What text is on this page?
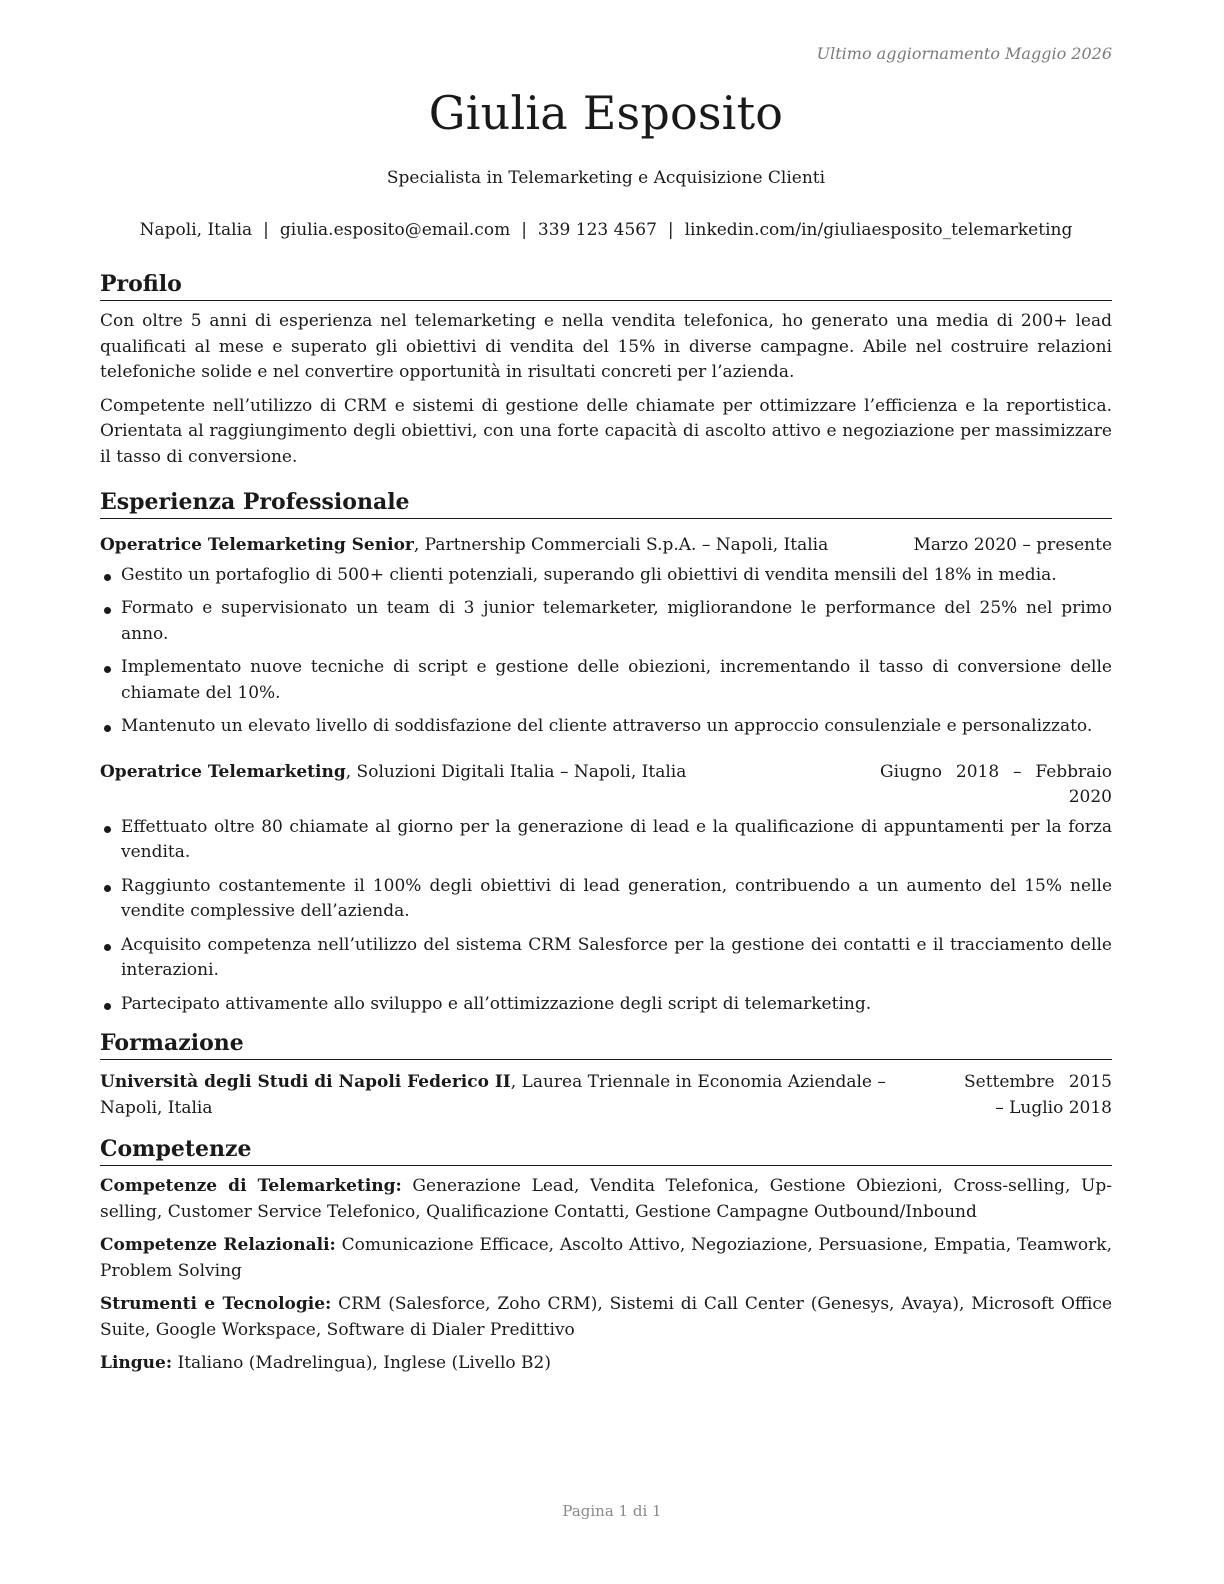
Ultimo aggiornamento Maggio 2026
Giulia Esposito
Specialista in Telemarketing e Acquisizione Clienti
Napoli, Italia | giulia.esposito@email.com | 339 123 4567 | linkedin.com/in/giuliaesposito_telemarketing
Profilo

Con oltre 5 anni di esperienza nel telemarketing e nella vendita telefonica, ho generato una media di 200+ lead qualificati al mese e superato gli obiettivi di vendita del 15% in diverse campagne. Abile nel costruire relazioni telefoniche solide e nel convertire opportunità in risultati concreti per l’azienda.

Competente nell’utilizzo di CRM e sistemi di gestione delle chiamate per ottimizzare l’efficienza e la reportistica. Orientata al raggiungimento degli obiettivi, con una forte capacità di ascolto attivo e negoziazione per massimizzare il tasso di conversione.

Esperienza Professionale
Operatrice Telemarketing Senior, Partnership Commerciali S.p.A. – Napoli, Italia	Marzo 2020 – presente
Gestito un portafoglio di 500+ clienti potenziali, superando gli obiettivi di vendita mensili del 18% in media.
Formato e supervisionato un team di 3 junior telemarketer, migliorandone le performance del 25% nel primo anno.
Implementato nuove tecniche di script e gestione delle obiezioni, incrementando il tasso di conversione delle chiamate del 10%.
Mantenuto un elevato livello di soddisfazione del cliente attraverso un approccio consulenziale e personalizzato.
Operatrice Telemarketing, Soluzioni Digitali Italia – Napoli, Italia	Giugno 2018 – Febbraio 2020
Effettuato oltre 80 chiamate al giorno per la generazione di lead e la qualificazione di appuntamenti per la forza vendita.
Raggiunto costantemente il 100% degli obiettivi di lead generation, contribuendo a un aumento del 15% nelle vendite complessive dell’azienda.
Acquisito competenza nell’utilizzo del sistema CRM Salesforce per la gestione dei contatti e il tracciamento delle interazioni.
Partecipato attivamente allo sviluppo e all’ottimizzazione degli script di telemarketing.
Formazione
Università degli Studi di Napoli Federico II, Laurea Triennale in Economia Aziendale – Napoli, Italia
Settembre 2015 – Luglio 2018
Competenze

Competenze di Telemarketing: Generazione Lead, Vendita Telefonica, Gestione Obiezioni, Cross-selling, Up-selling, Customer Service Telefonico, Qualificazione Contatti, Gestione Campagne Outbound/Inbound

Competenze Relazionali: Comunicazione Efficace, Ascolto Attivo, Negoziazione, Persuasione, Empatia, Teamwork, Problem Solving

Strumenti e Tecnologie: CRM (Salesforce, Zoho CRM), Sistemi di Call Center (Genesys, Avaya), Microsoft Office Suite, Google Workspace, Software di Dialer Predittivo

Lingue: Italiano (Madrelingua), Inglese (Livello B2)

Pagina 1 di 1
